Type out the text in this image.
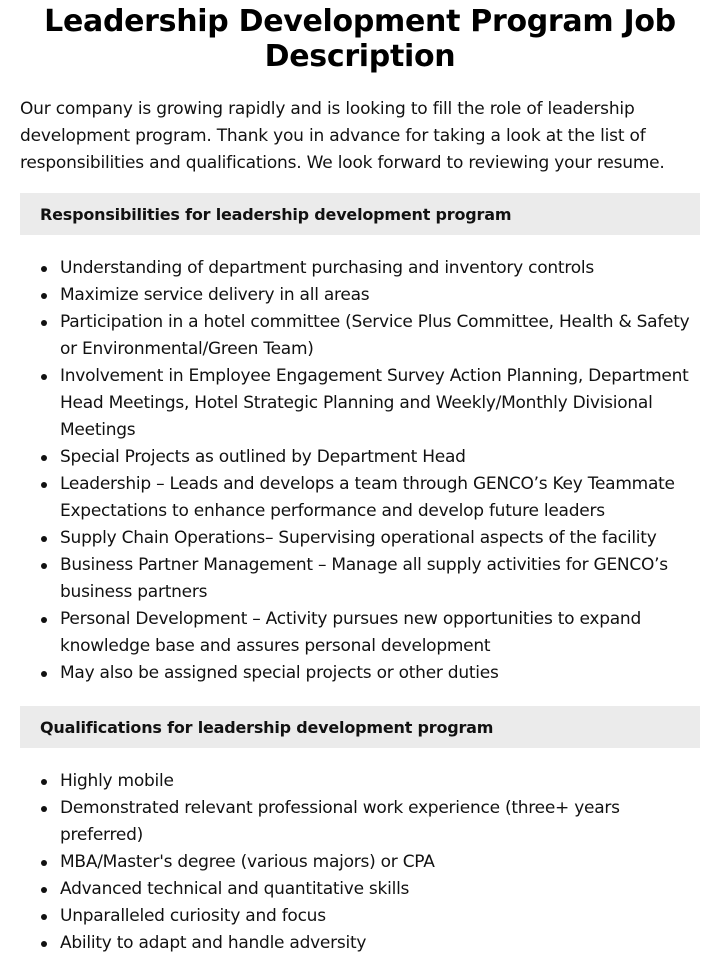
Leadership Development Program Job Description

Our company is growing rapidly and is looking to fill the role of leadership development program. Thank you in advance for taking a look at the list of responsibilities and qualifications. We look forward to reviewing your resume.

Responsibilities for leadership development program
Understanding of department purchasing and inventory controls
Maximize service delivery in all areas
Participation in a hotel committee (Service Plus Committee, Health & Safety or Environmental/Green Team)
Involvement in Employee Engagement Survey Action Planning, Department Head Meetings, Hotel Strategic Planning and Weekly/Monthly Divisional Meetings
Special Projects as outlined by Department Head
Leadership – Leads and develops a team through GENCO’s Key Teammate Expectations to enhance performance and develop future leaders
Supply Chain Operations– Supervising operational aspects of the facility
Business Partner Management – Manage all supply activities for GENCO’s business partners
Personal Development – Activity pursues new opportunities to expand knowledge base and assures personal development
May also be assigned special projects or other duties
Qualifications for leadership development program
Highly mobile
Demonstrated relevant professional work experience (three+ years preferred)
MBA/Master's degree (various majors) or CPA
Advanced technical and quantitative skills
Unparalleled curiosity and focus
Ability to adapt and handle adversity
